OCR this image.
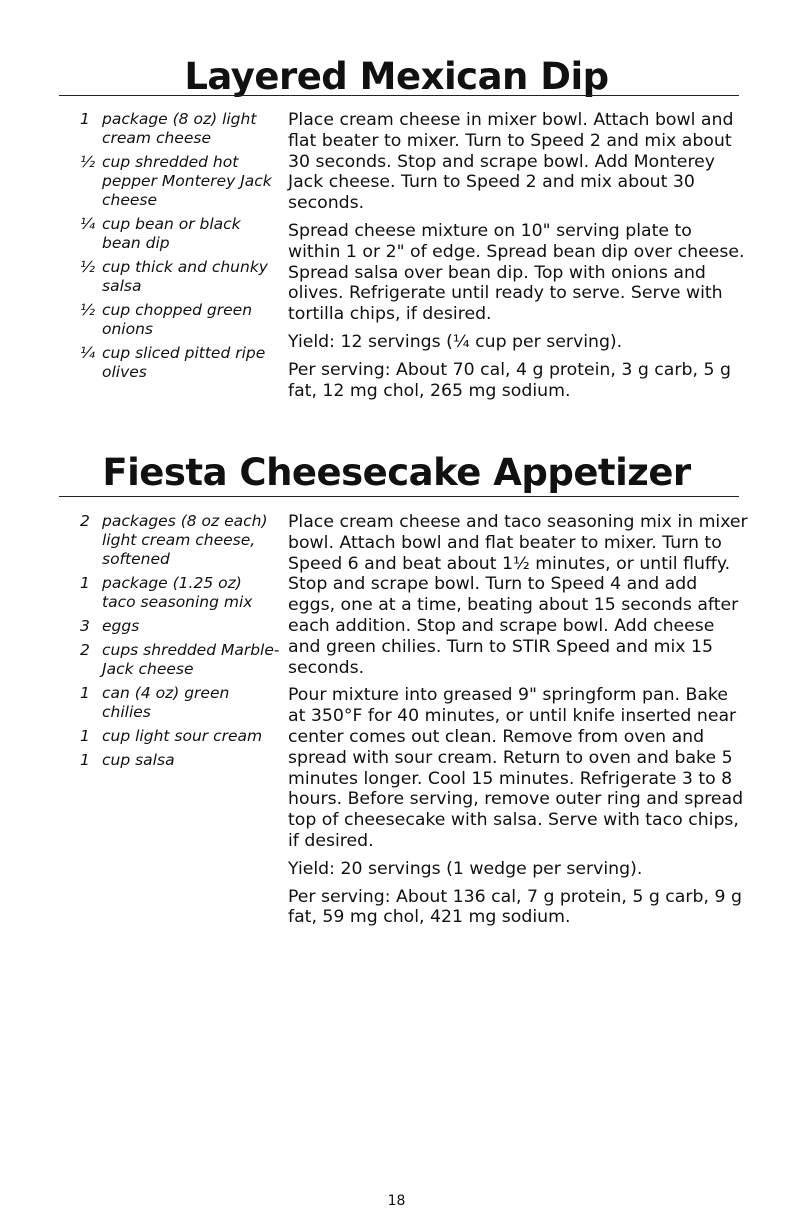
Layered Mexican Dip
1 package (8 oz) light cream cheese
½ cup shredded hot pepper Monterey Jack cheese
¼ cup bean or black bean dip
½ cup thick and chunky salsa
½ cup chopped green onions
¼ cup sliced pitted ripe olives

Place cream cheese in mixer bowl. Attach bowl and flat beater to mixer. Turn to Speed 2 and mix about 30 seconds. Stop and scrape bowl. Add Monterey Jack cheese. Turn to Speed 2 and mix about 30 seconds.

Spread cheese mixture on 10" serving plate to within 1 or 2" of edge. Spread bean dip over cheese. Spread salsa over bean dip. Top with onions and olives. Refrigerate until ready to serve. Serve with tortilla chips, if desired.

Yield: 12 servings (¼ cup per serving).

Per serving: About 70 cal, 4 g protein, 3 g carb, 5 g fat, 12 mg chol, 265 mg sodium.

Fiesta Cheesecake Appetizer
2 packages (8 oz each) light cream cheese, softened
1 package (1.25 oz) taco seasoning mix
3 eggs
2 cups shredded Marble-Jack cheese
1 can (4 oz) green chilies
1 cup light sour cream
1 cup salsa

Place cream cheese and taco seasoning mix in mixer bowl. Attach bowl and flat beater to mixer. Turn to Speed 6 and beat about 1½ minutes, or until fluffy. Stop and scrape bowl. Turn to Speed 4 and add eggs, one at a time, beating about 15 seconds after each addition. Stop and scrape bowl. Add cheese and green chilies. Turn to STIR Speed and mix 15 seconds.

Pour mixture into greased 9" springform pan. Bake at 350°F for 40 minutes, or until knife inserted near center comes out clean. Remove from oven and spread with sour cream. Return to oven and bake 5 minutes longer. Cool 15 minutes. Refrigerate 3 to 8 hours. Before serving, remove outer ring and spread top of cheesecake with salsa. Serve with taco chips, if desired.

Yield: 20 servings (1 wedge per serving).

Per serving: About 136 cal, 7 g protein, 5 g carb, 9 g fat, 59 mg chol, 421 mg sodium.

18
